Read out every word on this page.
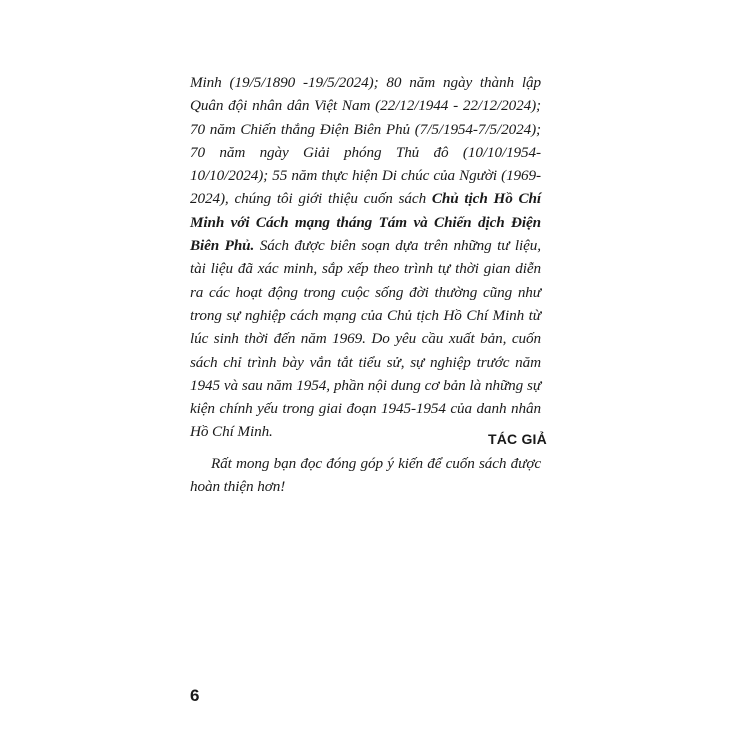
Minh (19/5/1890 -19/5/2024); 80 năm ngày thành lập Quân đội nhân dân Việt Nam (22/12/1944 - 22/12/2024); 70 năm Chiến thắng Điện Biên Phủ (7/5/1954-7/5/2024); 70 năm ngày Giải phóng Thủ đô (10/10/1954-10/10/2024); 55 năm thực hiện Di chúc của Người (1969-2024), chúng tôi giới thiệu cuốn sách Chủ tịch Hồ Chí Minh với Cách mạng tháng Tám và Chiến dịch Điện Biên Phủ. Sách được biên soạn dựa trên những tư liệu, tài liệu đã xác minh, sắp xếp theo trình tự thời gian diễn ra các hoạt động trong cuộc sống đời thường cũng như trong sự nghiệp cách mạng của Chủ tịch Hồ Chí Minh từ lúc sinh thời đến năm 1969. Do yêu cầu xuất bản, cuốn sách chỉ trình bày vắn tắt tiểu sử, sự nghiệp trước năm 1945 và sau năm 1954, phần nội dung cơ bản là những sự kiện chính yếu trong giai đoạn 1945-1954 của danh nhân Hồ Chí Minh.

Rất mong bạn đọc đóng góp ý kiến để cuốn sách được hoàn thiện hơn!

TÁC GIẢ
6
